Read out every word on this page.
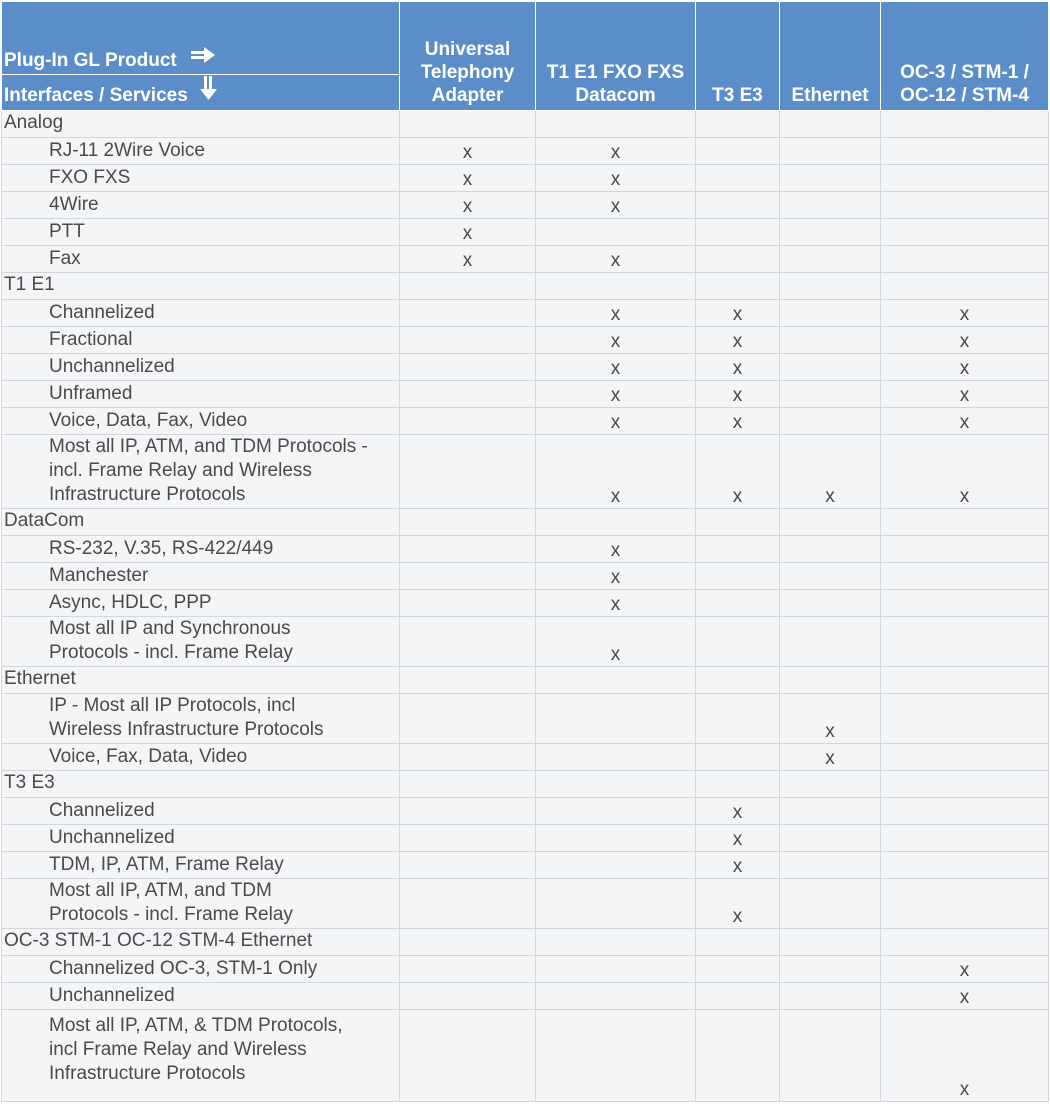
Plug-In GL Product	Universal Telephony Adapter	T1 E1 FXO FXS Datacom	T3 E3	Ethernet	OC-3 / STM-1 / OC-12 / STM-4
Interfaces / Services					
Analog					
RJ-11 2Wire Voice	x	x			
FXO FXS	x	x			
4Wire	x	x			
PTT	x				
Fax	x	x			
T1 E1					
Channelized		x	x		x
Fractional		x	x		x
Unchannelized		x	x		x
Unframed		x	x		x
Voice, Data, Fax, Video		x	x		x
Most all IP, ATM, and TDM Protocols -
incl. Frame Relay and Wireless
Infrastructure Protocols		x	x	x	x
DataCom					
RS-232, V.35, RS-422/449		x			
Manchester		x			
Async, HDLC, PPP		x			
Most all IP and Synchronous
Protocols - incl. Frame Relay		x			
Ethernet					
IP - Most all IP Protocols, incl
Wireless Infrastructure Protocols				x	
Voice, Fax, Data, Video				x	
T3 E3					
Channelized			x		
Unchannelized			x		
TDM, IP, ATM, Frame Relay			x		
Most all IP, ATM, and TDM
Protocols - incl. Frame Relay			x		
OC-3 STM-1 OC-12 STM-4 Ethernet					
Channelized OC-3, STM-1 Only					x
Unchannelized					x
Most all IP, ATM, & TDM Protocols,
incl Frame Relay and Wireless
Infrastructure Protocols					x
